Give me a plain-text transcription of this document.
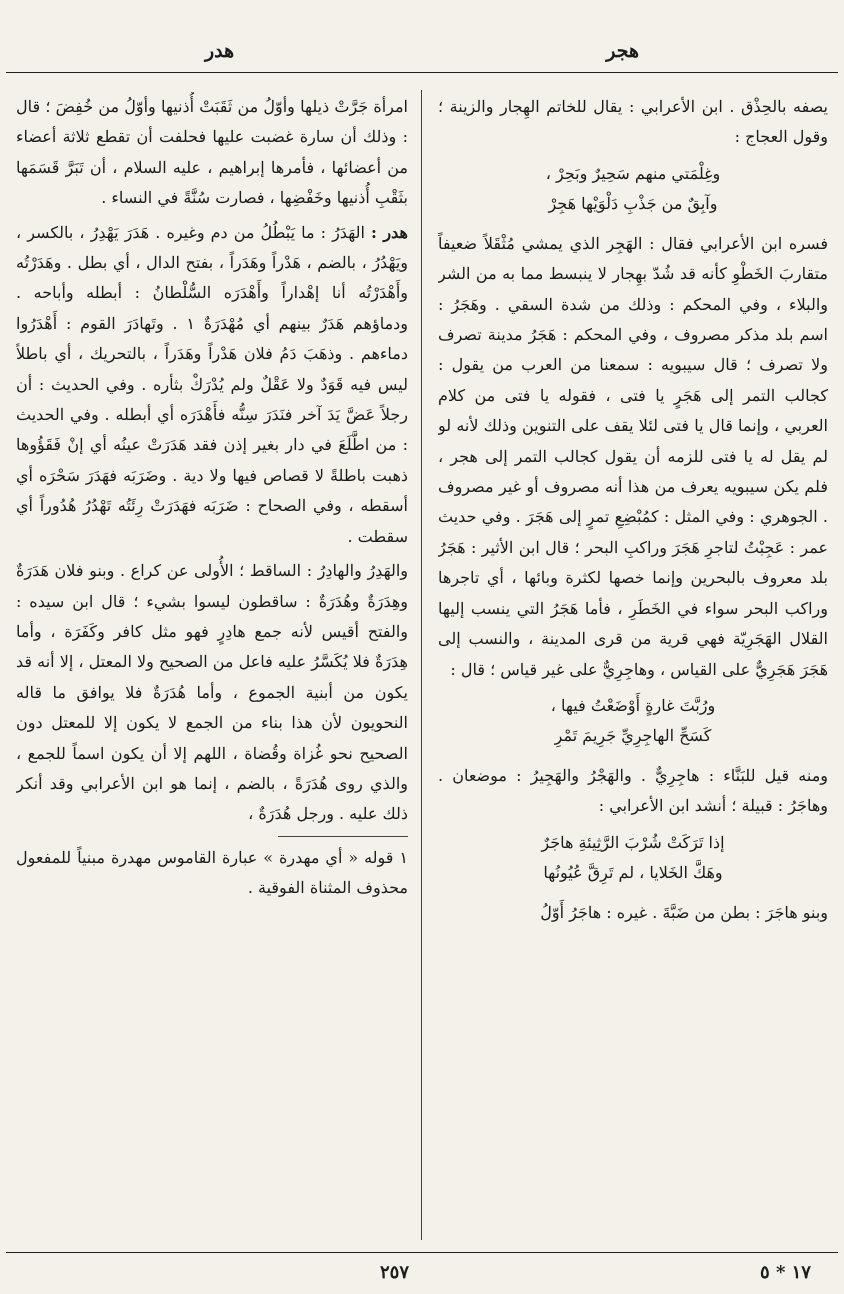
هجر
هدر

يصفه بالحِذْق . ابن الأعرابي : يقال للخاتم الهِجار والزينة ؛ وقول العجاج :

وغِلْمَتي منهم سَحِيرٌ وبَحِرْ ،
وآبِقٌ من جَذْبِ دَلْوَيْها هَجِرْ

فسره ابن الأعرابي فقال : الهَجِر الذي يمشي مُثْقَلاً ضعيفاً متقاربَ الخَطْوِ كأنه قد شُدّ بهِجار لا ينبسط مما به من الشر والبلاء ، وفي المحكم : وذلك من شدة السقي . وهَجَرُ : اسم بلد مذكر مصروف ، وفي المحكم : هَجَرُ مدينة تصرف ولا تصرف ؛ قال سيبويه : سمعنا من العرب من يقول : كجالب التمر إلى هَجَرٍ يا فتى ، فقوله يا فتى من كلام العربي ، وإنما قال يا فتى لئلا يقف على التنوين وذلك لأنه لو لم يقل له يا فتى للزمه أن يقول كجالب التمر إلى هجر ، فلم يكن سيبويه يعرف من هذا أنه مصروف أو غير مصروف . الجوهري : وفي المثل : كمُبْضِعِ تمرٍ إلى هَجَرَ . وفي حديث عمر : عَجِبْتُ لتاجرِ هَجَرَ وراكبِ البحر ؛ قال ابن الأثير : هَجَرُ بلد معروف بالبحرين وإنما خصها لكثرة وبائها ، أي تاجرها وراكب البحر سواء في الخَطَرِ ، فأما هَجَرُ التي ينسب إليها القلال الهَجَرِيّة فهي قرية من قرى المدينة ، والنسب إلى هَجَرَ هَجَرِيٌّ على القياس ، وهاجِرِيٌّ على غير قياس ؛ قال :

ورُبَّتَ غارةٍ أَوْضَعْتُ فيها ،
كَسَحِّ الهاجِرِيِّ جَرِيمَ تَمْرِ

ومنه قيل للبَنَّاء : هاجِرِيٌّ . والهَجْرُ والهَجِيرُ : موضعان . وهاجَرُ : قبيلة ؛ أنشد ابن الأعرابي :

إذا تَرَكَتْ شُرْبَ الرَّثِيئةِ هاجَرٌ
وهَكَّ الخَلايا ، لم تَرِقَّ عُيُونُها

وبنو هاجَرَ : بطن من ضَبَّةَ . غيره : هاجَرُ أَوّلُ

امرأة جَرَّتْ ذيلها وأوّلُ من ثَقَبَتْ أُذنيها وأوّلُ من خُفِضَ ؛ قال : وذلك أن سارة غضبت عليها فحلفت أن تقطع ثلاثة أعضاء من أعضائها ، فأمرها إبراهيم ، عليه السلام ، أن تَبَرَّ قَسَمَها بثَقْبِ أُذنيها وخَفْضِها ، فصارت سُنَّةً في النساء .

هدر : الهَدَرُ : ما يَبْطُلُ من دم وغيره . هَدَرَ يَهْدِرُ ، بالكسر ، ويَهْدُرُ ، بالضم ، هَدْراً وهَدَراً ، بفتح الدال ، أي بطل . وهَدَرْتُه وأَهْدَرْتُه أنا إهْداراً وأَهْدَرَه السُّلْطانُ : أبطله وأباحه . ودماؤهم هَدَرٌ بينهم أي مُهْدَرَةٌ ١ . وتَهادَرَ القوم : أَهْدَرُوا دماءهم . وذهَبَ دَمُ فلان هَدْراً وهَدَراً ، بالتحريك ، أي باطلاً ليس فيه قَوَدٌ ولا عَقْلٌ ولم يُدْرَكْ بثأره . وفي الحديث : أن رجلاً عَضَّ يَدَ آخر فنَدَرَ سِنُّه فأَهْدَرَه أي أبطله . وفي الحديث : من اطَّلَعَ في دار بغير إذن فقد هَدَرَتْ عينُه أي إنْ فَقَؤُوها ذهبت باطلةً لا قصاص فيها ولا دية . وضَرَبَه فهَدَرَ سَحْرَه أي أسقطه ، وفي الصحاح : ضَرَبَه فهَدَرَتْ رِئَتُه تَهْدُرُ هُدُوراً أي سقطت .

والهَدِرُ والهادِرُ : الساقط ؛ الأُولى عن كراع . وبنو فلان هَدَرَةٌ وهِدَرَةٌ وهُدَرَةٌ : ساقطون ليسوا بشيء ؛ قال ابن سيده : والفتح أقيس لأنه جمع هادِرٍ فهو مثل كافر وكَفَرَة ، وأما هِدَرَةٌ فلا يُكَسَّرُ عليه فاعل من الصحيح ولا المعتل ، إلا أنه قد يكون من أبنية الجموع ، وأما هُدَرَةٌ فلا يوافق ما قاله النحويون لأن هذا بناء من الجمع لا يكون إلا للمعتل دون الصحيح نحو غُزاة وقُضاة ، اللهم إلا أن يكون اسماً للجمع ، والذي روى هُدَرَةً ، بالضم ، إنما هو ابن الأعرابي وقد أنكر ذلك عليه . ورجل هُدَرَةٌ ،

١ قوله « أي مهدرة » عبارة القاموس مهدرة مبنياً للمفعول محذوف المثناة الفوقية .

٢٥٧	١٧ * ٥
